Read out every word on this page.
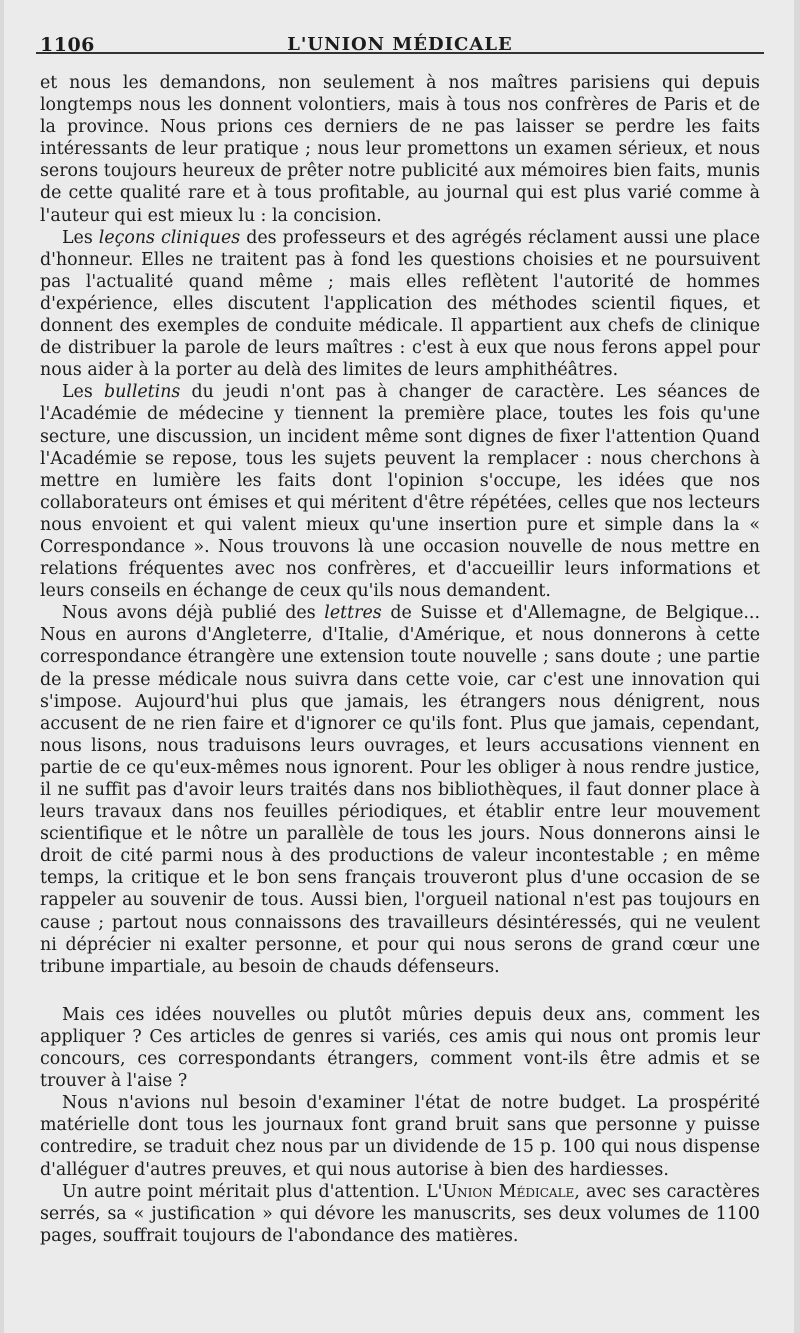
1106	L'UNION MÉDICALE

et nous les demandons, non seulement à nos maîtres parisiens qui depuis longtemps nous les donnent volontiers, mais à tous nos confrères de Paris et de la province. Nous prions ces derniers de ne pas laisser se perdre les faits intéressants de leur pratique ; nous leur promettons un examen sérieux, et nous serons toujours heureux de prêter notre publicité aux mémoires bien faits, munis de cette qualité rare et à tous profitable, au journal qui est plus varié comme à l'auteur qui est mieux lu : la concision.

Les leçons cliniques des professeurs et des agrégés réclament aussi une place d'honneur. Elles ne traitent pas à fond les questions choisies et ne poursuivent pas l'actualité quand même ; mais elles reflètent l'autorité de hommes d'expérience, elles discutent l'application des méthodes scientil fiques, et donnent des exemples de conduite médicale. Il appartient aux chefs de clinique de distribuer la parole de leurs maîtres : c'est à eux que nous ferons appel pour nous aider à la porter au delà des limites de leurs amphithéâtres.

Les bulletins du jeudi n'ont pas à changer de caractère. Les séances de l'Académie de médecine y tiennent la première place, toutes les fois qu'une secture, une discussion, un incident même sont dignes de fixer l'attention Quand l'Académie se repose, tous les sujets peuvent la remplacer : nous cherchons à mettre en lumière les faits dont l'opinion s'occupe, les idées que nos collaborateurs ont émises et qui méritent d'être répétées, celles que nos lecteurs nous envoient et qui valent mieux qu'une insertion pure et simple dans la « Correspondance ». Nous trouvons là une occasion nouvelle de nous mettre en relations fréquentes avec nos confrères, et d'accueillir leurs informations et leurs conseils en échange de ceux qu'ils nous demandent.

Nous avons déjà publié des lettres de Suisse et d'Allemagne, de Belgique... Nous en aurons d'Angleterre, d'Italie, d'Amérique, et nous donnerons à cette correspondance étrangère une extension toute nouvelle ; sans doute ; une partie de la presse médicale nous suivra dans cette voie, car c'est une innovation qui s'impose. Aujourd'hui plus que jamais, les étrangers nous dénigrent, nous accusent de ne rien faire et d'ignorer ce qu'ils font. Plus que jamais, cependant, nous lisons, nous traduisons leurs ouvrages, et leurs accusations viennent en partie de ce qu'eux-mêmes nous ignorent. Pour les obliger à nous rendre justice, il ne suffit pas d'avoir leurs traités dans nos bibliothèques, il faut donner place à leurs travaux dans nos feuilles périodiques, et établir entre leur mouvement scientifique et le nôtre un parallèle de tous les jours. Nous donnerons ainsi le droit de cité parmi nous à des productions de valeur incontestable ; en même temps, la critique et le bon sens français trouveront plus d'une occasion de se rappeler au souvenir de tous. Aussi bien, l'orgueil national n'est pas toujours en cause ; partout nous connaissons des travailleurs désintéressés, qui ne veulent ni déprécier ni exalter personne, et pour qui nous serons de grand cœur une tribune impartiale, au besoin de chauds défenseurs.

Mais ces idées nouvelles ou plutôt mûries depuis deux ans, comment les appliquer ? Ces articles de genres si variés, ces amis qui nous ont promis leur concours, ces correspondants étrangers, comment vont-ils être admis et se trouver à l'aise ?

Nous n'avions nul besoin d'examiner l'état de notre budget. La prospérité matérielle dont tous les journaux font grand bruit sans que personne y puisse contredire, se traduit chez nous par un dividende de 15 p. 100 qui nous dispense d'alléguer d'autres preuves, et qui nous autorise à bien des hardiesses.

Un autre point méritait plus d'attention. L'Union Médicale, avec ses caractères serrés, sa « justification » qui dévore les manuscrits, ses deux volumes de 1100 pages, souffrait toujours de l'abondance des matières.
